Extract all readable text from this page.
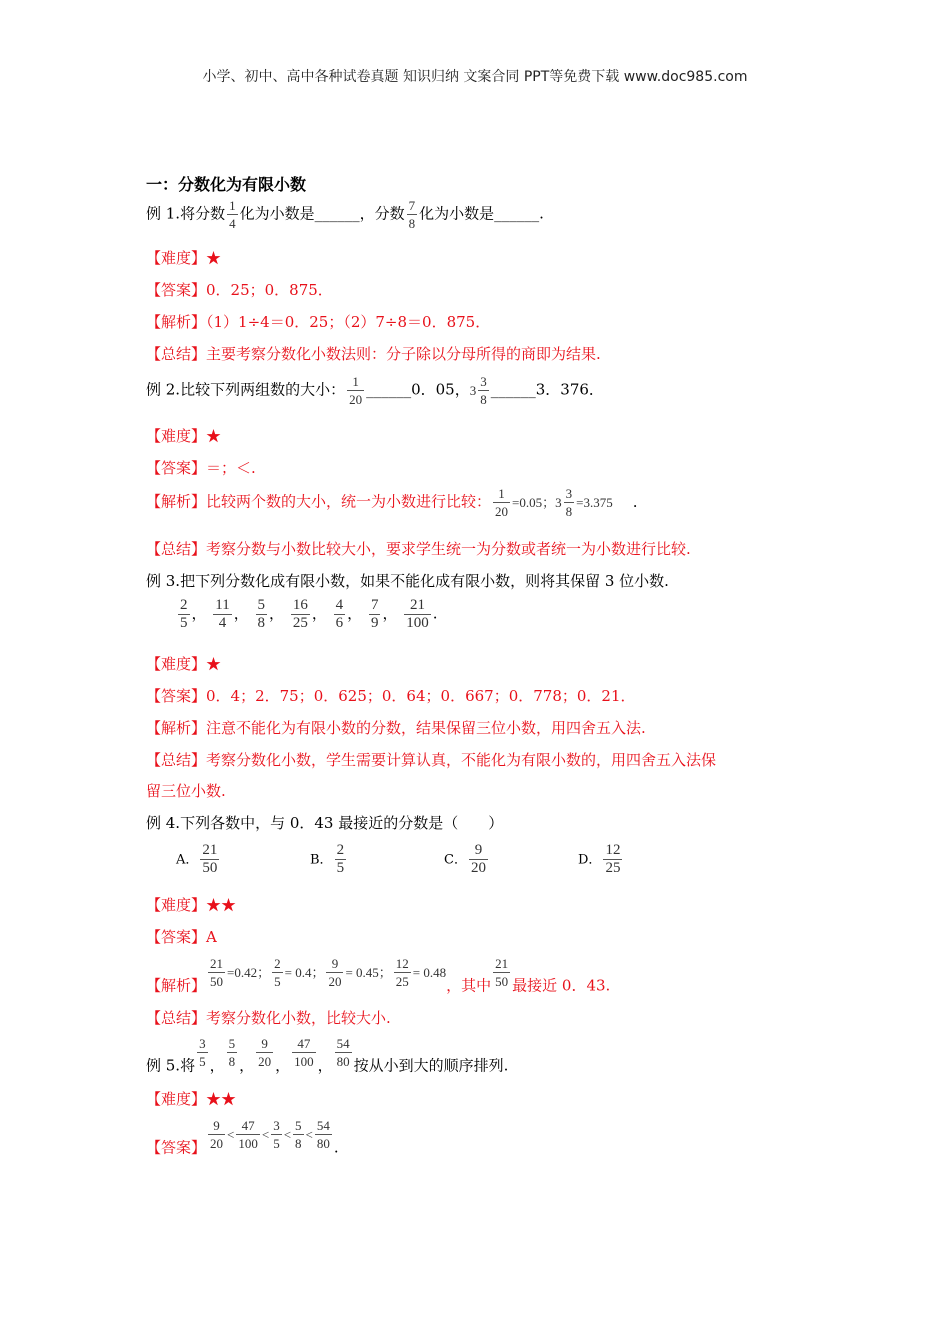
小学、初中、高中各种试卷真题 知识归纳 文案合同 PPT等免费下载 www.doc985.com
一：分数化为有限小数
例 1.将分数 $\frac{1}{4}$ 化为小数是______，分数 $\frac{7}{8}$ 化为小数是______.
【难度】★
【答案】0．25；0．875．
【解析】（1）1÷4＝0．25；（2）7÷8＝0．875．
【总结】主要考察分数化小数法则：分子除以分母所得的商即为结果.
例 2.比较下列两组数的大小： $\frac{1}{20}$ ______0．05，$3 \frac{3}{8}$ ______3．376．
【难度】★
【答案】＝；＜.
【解析】比较两个数的大小，统一为小数进行比较： $\frac{1}{20} =0.05$；$3 \frac{3}{8} =3.375$ .
【总结】考察分数与小数比较大小，要求学生统一为分数或者统一为小数进行比较.
例 3.把下列分数化成有限小数，如果不能化成有限小数，则将其保留 3 位小数.
$\frac{2}{5}$ ， $\frac{11}{4}$ ， $\frac{5}{8}$ ， $\frac{16}{25}$ ， $\frac{4}{6}$ ， $\frac{7}{9}$ ， $\frac{21}{100}$ .
【难度】★
【答案】0．4；2．75；0．625；0．64；0．667；0．778；0．21．
【解析】注意不能化为有限小数的分数，结果保留三位小数，用四舍五入法.
【总结】考察分数化小数，学生需要计算认真，不能化为有限小数的，用四舍五入法保
留三位小数.
例 4.下列各数中，与 0．43 最接近的分数是（　　）
A． $\frac{21}{50}$	B． $\frac{2}{5}$	C． $\frac{9}{20}$	D． $\frac{12}{25}$
【难度】★★
【答案】A
【解析】 $\frac{21}{50} =0.42$； $\frac{2}{5} = 0.4$； $\frac{9}{20} = 0.45$； $\frac{12}{25} = 0.48$，其中 $\frac{21}{50}$ 最接近 0．43.
【总结】考察分数化小数，比较大小.
例 5.将 $\frac{3}{5}$ ， $\frac{5}{8}$ ， $\frac{9}{20}$ ， $\frac{47}{100}$ ， $\frac{54}{80}$ 按从小到大的顺序排列.
【难度】★★
【答案】 $\frac{9}{20} < \frac{47}{100} < \frac{3}{5} < \frac{5}{8} < \frac{54}{80}$ .
